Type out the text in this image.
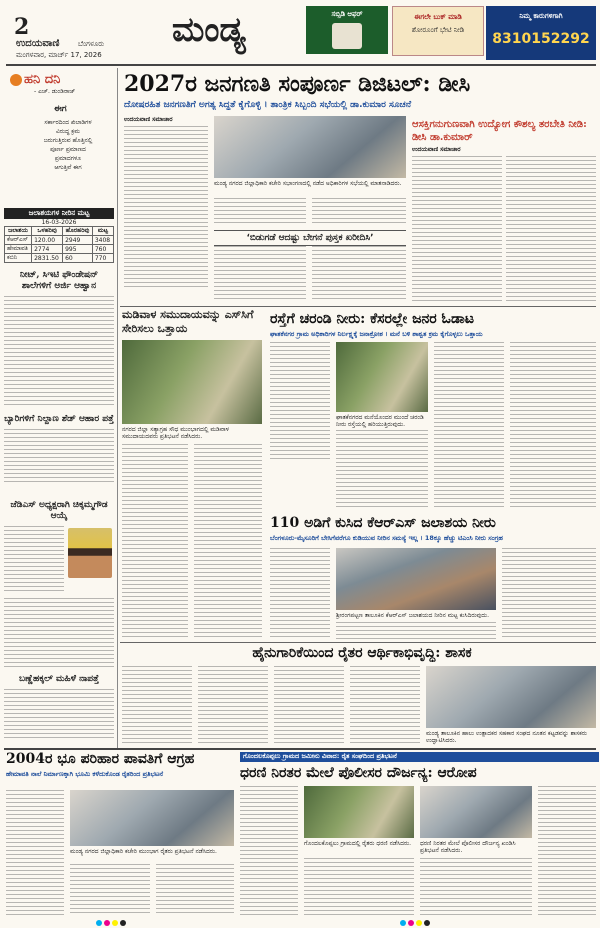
2
ಉದಯವಾಣಿ	ಬೆಂಗಳೂರು
ಮಂಗಳವಾರ, ಮಾರ್ಚ್ 17, 2026
ಮಂಡ್ಯ	ಸಬ್ಸಿಡಿ ಆಫರ್	ಈಗಲೇ ಬುಕ್ ಮಾಡಿ
ಶೋರೂಂಗೆ ಭೇಟಿ ನೀಡಿ
ನಿಮ್ಮ ಕಾರುಗಳಿಗಾಗಿ
8310152292
ಹನಿ ದನಿ
- ಎಚ್. ಡುಂಡಿರಾಜ್
ಈಗ
ಸರ್ಕಾರದಿಂದ ಖಿಲಾಡಿಗಳ
ವಿರುದ್ಧ ಕ್ರಮ
ಜರುಗುತ್ತಿರುವ ಹೊತ್ತಿನಲ್ಲಿ
ಪೂರ್ಣ ಪ್ರಮಾಣದ
ಪ್ರಮಾದಗಳೂ
ಆಗುತ್ತಿವೆ ಈಗ
ಜಲಾಶಯಗಳ ನೀರಿನ ಮಟ್ಟ
16-03-2026
ಜಲಾಶಯ	ಒಳಹರಿವು	ಹೊರಹರಿವು	ಮಟ್ಟ
ಕೆಆರ್‌ಎಸ್	120.00	2949	3408
ಹೇಮಾವತಿ	2774	995	760
ಕಬಿನಿ	2831.50	60	770
ನೀಟ್, ಸಿಇಟಿ ಫೌಂಡೇಷನ್ ಶಾಲೆಗಳಿಗೆ ಅರ್ಜಿ ಆಹ್ವಾನ
ಬ್ಯಾರಿಗಳಿಗೆ ನಿಲ್ದಾಣ ಶೆಡ್ ಆಹಾರ ಪತ್ತೆ
ಜೆಡಿಎಸ್ ಅಧ್ಯಕ್ಷರಾಗಿ ಚಿಕ್ಕಮ್ಮಗೌಡ ಆಯ್ಕೆ
ಬಣ್ಣೆಹಕ್ಕಲ್ ಮಹಿಳೆ ನಾಪತ್ತೆ
2027ರ ಜನಗಣತಿ ಸಂಪೂರ್ಣ ಡಿಜಿಟಲ್: ಡೀಸಿ
ದೋಷರಹಿತ ಜನಗಣತಿಗೆ ಅಗತ್ಯ ಸಿದ್ಧತೆ ಕೈಗೊಳ್ಳಿ । ತಾಂತ್ರಿಕ ಸಿಬ್ಬಂದಿ ಸಭೆಯಲ್ಲಿ ಡಾ.ಕುಮಾರ ಸೂಚನೆ
ಉದಯವಾಣಿ ಸಮಾಚಾರ
ಮಂಡ್ಯ ನಗರದ ಜಿಲ್ಲಾಧಿಕಾರಿ ಕಚೇರಿ ಸಭಾಂಗಣದಲ್ಲಿ ನಡೆದ ಅಧಿಕಾರಿಗಳ ಸಭೆಯಲ್ಲಿ ಮಾತನಾಡಿದರು.
ʻಬಿಡುಗಡೆ ಆದಷ್ಟು ಬೇಗನೆ ಪುಸ್ತಕ ಖರೀದಿಸಿʼ
ಆಸಕ್ತಿಗನುಗುಣವಾಗಿ ಉದ್ಯೋಗ ಕೌಶಲ್ಯ ತರಬೇತಿ ನೀಡಿ: ಡೀಸಿ ಡಾ.ಕುಮಾರ್
ಉದಯವಾಣಿ ಸಮಾಚಾರ
ಮಡಿವಾಳ ಸಮುದಾಯವನ್ನು ಎಸ್‌ಸಿಗೆ ಸೇರಿಸಲು ಒತ್ತಾಯ
ನಗರದ ಜಿಲ್ಲಾ ಸತ್ಯಾಗ್ರಹ ಸೌಧ ಮುಂಭಾಗದಲ್ಲಿ ಮಡಿವಾಳ ಸಮುದಾಯದವರು ಪ್ರತಿಭಟನೆ ನಡೆಸಿದರು.
ರಸ್ತೆಗೆ ಚರಂಡಿ ನೀರು: ಕೆಸರಲ್ಲೇ ಜನರ ಓಡಾಟ
ಘಾತಕೆನಗರ ಗ್ರಾಮ ಅಧಿಕಾರಿಗಳ ನಿರ್ಲಕ್ಷ್ಯಕ್ಕೆ ಜನಾಕ್ರೋಶ । ಮನೆ ಬಳಿ ಶಾಶ್ವತ ಕ್ರಮ ಕೈಗೊಳ್ಳಲು ಒತ್ತಾಯ
ಘಾತಕೆನಗರದ ಮನೆಯೊಂದರ ಮುಂದೆ ಚರಂಡಿ ನೀರು ರಸ್ತೆಯಲ್ಲಿ ಹರಿಯುತ್ತಿರುವುದು.
110 ಅಡಿಗೆ ಕುಸಿದ ಕೆಆರ್‌ಎಸ್ ಜಲಾಶಯ ನೀರು
ಬೆಂಗಳೂರು-ಮೈಸೂರಿಗೆ ಬೇಸಿಗೆವರೆಗೂ ಕುಡಿಯುವ ನೀರಿನ ಸಮಸ್ಯೆ ಇಲ್ಲ । 18ಕ್ಕೂ ಹೆಚ್ಚು ಟಿಎಂಸಿ ನೀರು ಸಂಗ್ರಹ
ಶ್ರೀರಂಗಪಟ್ಟಣ ತಾಲೂಕಿನ ಕೆಆರ್‌ಎಸ್ ಜಲಾಶಯದ ನೀರಿನ ಮಟ್ಟ ಕುಸಿದಿರುವುದು.
ಹೈನುಗಾರಿಕೆಯಿಂದ ರೈತರ ಆರ್ಥಿಕಾಭಿವೃದ್ಧಿ: ಶಾಸಕ
ಮಂಡ್ಯ ತಾಲೂಕಿನ ಹಾಲು ಉತ್ಪಾದಕರ ಸಹಕಾರ ಸಂಘದ ನೂತನ ಕಟ್ಟಡವನ್ನು ಶಾಸಕರು ಉದ್ಘಾಟಿಸಿದರು.
2004ರ ಭೂ ಪರಿಹಾರ ಪಾವತಿಗೆ ಆಗ್ರಹ
ಹೇಮಾವತಿ ನಾಲೆ ನಿರ್ಮಾಣಕ್ಕಾಗಿ ಭೂಮಿ ಕಳೆದುಕೊಂಡ ರೈತರಿಂದ ಪ್ರತಿಭಟನೆ
ಮಂಡ್ಯ ನಗರದ ಜಿಲ್ಲಾಧಿಕಾರಿ ಕಚೇರಿ ಮುಂಭಾಗ ರೈತರು ಪ್ರತಿಭಟನೆ ನಡೆಸಿದರು.
ಗೊಂದಲಕೊಪ್ಪಲು ಗ್ರಾಮದ ಜಮೀನು ವಿವಾದ: ರೈತ ಸಂಘದಿಂದ ಪ್ರತಿಭಟನೆ
ಧರಣಿ ನಿರತರ ಮೇಲೆ ಪೊಲೀಸರ ದೌರ್ಜನ್ಯ: ಆರೋಪ
ಗೊಂದಲಕೊಪ್ಪಲು ಗ್ರಾಮದಲ್ಲಿ ರೈತರು ಧರಣಿ ನಡೆಸಿದರು.	ಧರಣಿ ನಿರತರ ಮೇಲೆ ಪೊಲೀಸರ ದೌರ್ಜನ್ಯ ಖಂಡಿಸಿ ಪ್ರತಿಭಟನೆ ನಡೆಸಿದರು.
